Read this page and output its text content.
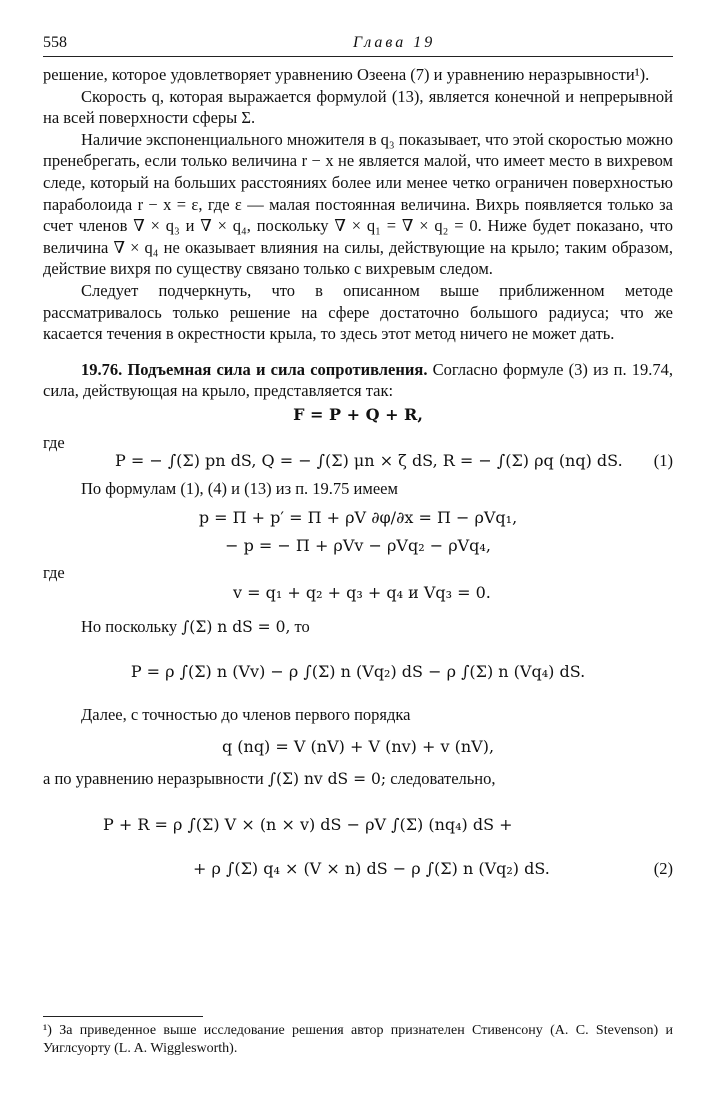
558	Глава 19

решение, которое удовлетворяет уравнению Озеена (7) и уравнению неразрывности¹).

Скорость q, которая выражается формулой (13), является конечной и непрерывной на всей поверхности сферы Σ.

Наличие экспоненциального множителя в q₃ показывает, что этой скоростью можно пренебрегать, если только величина r − x не является малой, что имеет место в вихревом следе, который на больших расстояниях более или менее четко ограничен поверхностью параболоида r − x = ε, где ε — малая постоянная величина. Вихрь появляется только за счет членов ∇ × q₃ и ∇ × q₄, поскольку ∇ × q₁ = ∇ × q₂ = 0. Ниже будет показано, что величина ∇ × q₄ не оказывает влияния на силы, действующие на крыло; таким образом, действие вихря по существу связано только с вихревым следом.

Следует подчеркнуть, что в описанном выше приближенном методе рассматривалось только решение на сфере достаточно большого радиуса; что же касается течения в окрестности крыла, то здесь этот метод ничего не может дать.

19.76. Подъемная сила и сила сопротивления. Согласно формуле (3) из п. 19.74, сила, действующая на крыло, представляется так:

F = P + Q + R,
где
P = − ∫(Σ) pn dS, Q = − ∫(Σ) μn × ζ dS, R = − ∫(Σ) ρq (nq) dS. (1)

По формулам (1), (4) и (13) из п. 19.75 имеем

p = Π + p′ = Π + ρV ∂φ/∂x = Π − ρVq₁,
− p = − Π + ρVv − ρVq₂ − ρVq₄,
где
v = q₁ + q₂ + q₃ + q₄ и Vq₃ = 0.

Но поскольку ∫(Σ) n dS = 0, то

P = ρ ∫(Σ) n (Vv) − ρ ∫(Σ) n (Vq₂) dS − ρ ∫(Σ) n (Vq₄) dS.

Далее, с точностью до членов первого порядка

q (nq) = V (nV) + V (nv) + v (nV),

а по уравнению неразрывности ∫(Σ) nv dS = 0; следовательно,

P + R = ρ ∫(Σ) V × (n × v) dS − ρV ∫(Σ) (nq₄) dS +
+ ρ ∫(Σ) q₄ × (V × n) dS − ρ ∫(Σ) n (Vq₂) dS.	(2)

¹) За приведенное выше исследование решения автор признателен Стивенсону (A. C. Stevenson) и Уиглсуорту (L. A. Wigglesworth).
